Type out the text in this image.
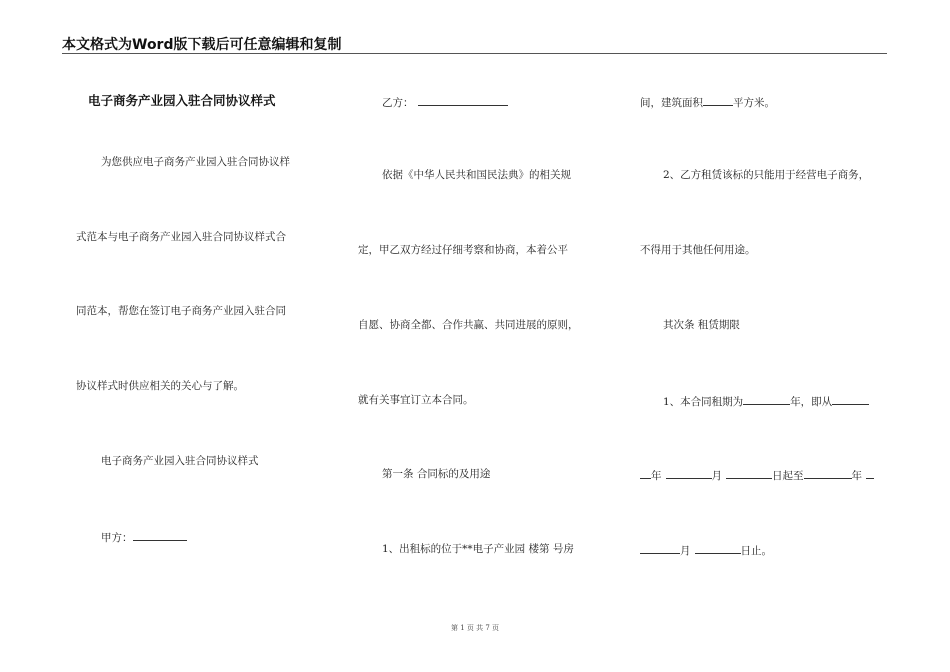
本文格式为Word版下载后可任意编辑和复制
电子商务产业园入驻合同协议样式
为您供应电子商务产业园入驻合同协议样
式范本与电子商务产业园入驻合同协议样式合
同范本，帮您在签订电子商务产业园入驻合同
协议样式时供应相关的关心与了解。
电子商务产业园入驻合同协议样式
甲方：
乙方：
依据《中华人民共和国民法典》的相关规
定，甲乙双方经过仔细考察和协商，本着公平
自愿、协商全都、合作共赢、共同进展的原则，
就有关事宜订立本合同。
第一条 合同标的及用途
1、出租标的位于**电子产业园 楼第 号房
间，建筑面积	平方米。
2、乙方租赁该标的只能用于经营电子商务，
不得用于其他任何用途。
其次条 租赁期限
1、本合同租期为	年，即从
年	月	日起至	年
月	日止。
第 1 页 共 7 页
